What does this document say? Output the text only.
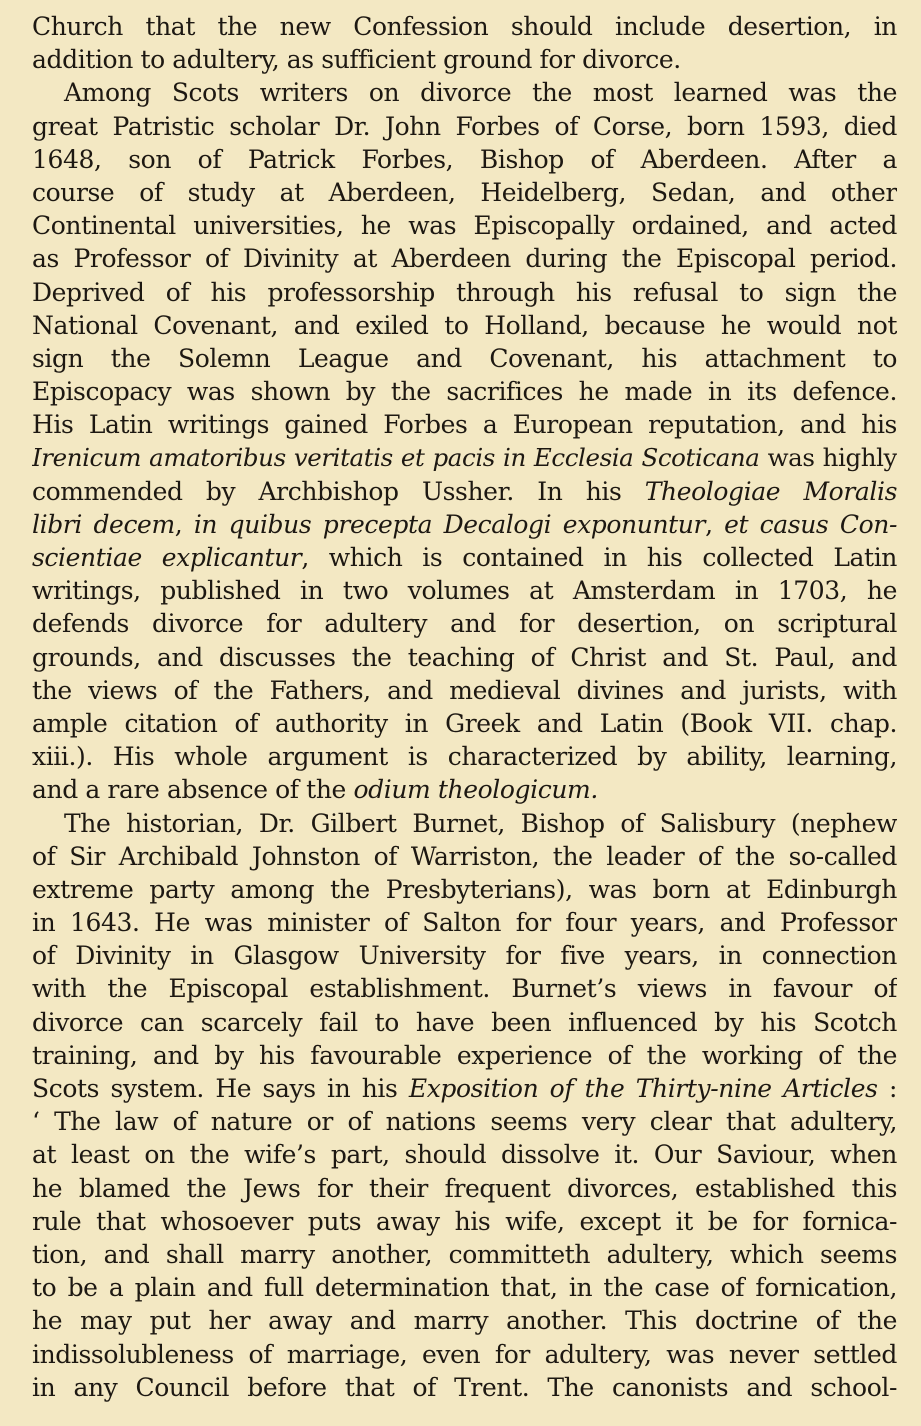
Church that the new Confession should include desertion, in
addition to adultery, as sufficient ground for divorce.
Among Scots writers on divorce the most learned was the
great Patristic scholar Dr. John Forbes of Corse, born 1593, died
1648, son of Patrick Forbes, Bishop of Aberdeen. After a
course of study at Aberdeen, Heidelberg, Sedan, and other
Continental universities, he was Episcopally ordained, and acted
as Professor of Divinity at Aberdeen during the Episcopal period.
Deprived of his professorship through his refusal to sign the
National Covenant, and exiled to Holland, because he would not
sign the Solemn League and Covenant, his attachment to
Episcopacy was shown by the sacrifices he made in its defence.
His Latin writings gained Forbes a European reputation, and his
Irenicum amatoribus veritatis et pacis in Ecclesia Scoticana was highly
commended by Archbishop Ussher. In his Theologiae Moralis
libri decem, in quibus precepta Decalogi exponuntur, et casus Con-
scientiae explicantur, which is contained in his collected Latin
writings, published in two volumes at Amsterdam in 1703, he
defends divorce for adultery and for desertion, on scriptural
grounds, and discusses the teaching of Christ and St. Paul, and
the views of the Fathers, and medieval divines and jurists, with
ample citation of authority in Greek and Latin (Book VII. chap.
xiii.). His whole argument is characterized by ability, learning,
and a rare absence of the odium theologicum.
The historian, Dr. Gilbert Burnet, Bishop of Salisbury (nephew
of Sir Archibald Johnston of Warriston, the leader of the so-called
extreme party among the Presbyterians), was born at Edinburgh
in 1643. He was minister of Salton for four years, and Professor
of Divinity in Glasgow University for five years, in connection
with the Episcopal establishment. Burnet’s views in favour of
divorce can scarcely fail to have been influenced by his Scotch
training, and by his favourable experience of the working of the
Scots system. He says in his Exposition of the Thirty-nine Articles :
‘ The law of nature or of nations seems very clear that adultery,
at least on the wife’s part, should dissolve it. Our Saviour, when
he blamed the Jews for their frequent divorces, established this
rule that whosoever puts away his wife, except it be for fornica-
tion, and shall marry another, committeth adultery, which seems
to be a plain and full determination that, in the case of fornication,
he may put her away and marry another. This doctrine of the
indissolubleness of marriage, even for adultery, was never settled
in any Council before that of Trent. The canonists and school-
